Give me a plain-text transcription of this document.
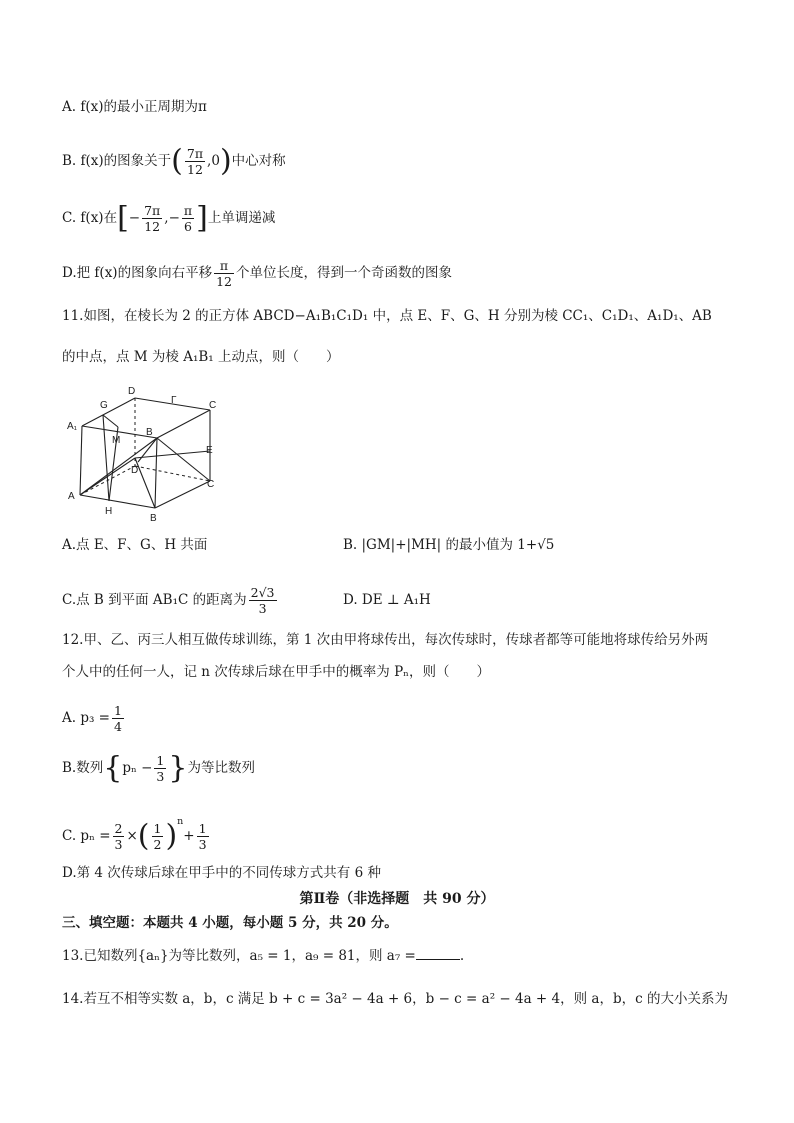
A. f(x)的最小正周期为π
B. f(x)的图象关于( $\frac{7\pi}{12} ,0$)中心对称
C. f(x)在[− $\frac{7\pi}{12}$ ,− $\frac{\pi}{6}$ ]上单调递减
D.把 f(x)的图象向右平移 $\frac{\pi}{12}$ 个单位长度，得到一个奇函数的图象
11.如图，在棱长为 2 的正方体 ABCD−A₁B₁C₁D₁ 中，点 E、F、G、H 分别为棱 CC₁、C₁D₁、A₁D₁、AB
的中点，点 M 为棱 A₁B₁ 上动点，则（　　）
D
Γ	C
G
A₁
M
B
E
D
A
H
B
C
A.点 E、F、G、H 共面	B. |GM|+|MH| 的最小值为 1+√5
C.点 B 到平面 AB₁C 的距离为 $\frac{2√3}{3}$	D. DE ⊥ A₁H
12.甲、乙、丙三人相互做传球训练，第 1 次由甲将球传出，每次传球时，传球者都等可能地将球传给另外两
个人中的任何一人，记 n 次传球后球在甲手中的概率为 Pₙ，则（　　）
A. $p_3 = \frac{1}{4}$
B.数列{$p_n - \frac{1}{3}$ }为等比数列
C. $p_n = \frac{2}{3}$ ×( $\frac{1}{2} )^n+ \frac{1}{3}$
D.第 4 次传球后球在甲手中的不同传球方式共有 6 种
第Ⅱ卷（非选择题　共 90 分）
三、填空题：本题共 4 小题，每小题 5 分，共 20 分。
13.已知数列{aₙ}为等比数列，a₅ = 1，a₉ = 81，则 a₇ =	.
14.若互不相等实数 a，b，c 满足 b + c = 3a² − 4a + 6，b − c = a² − 4a + 4，则 a，b，c 的大小关系为
